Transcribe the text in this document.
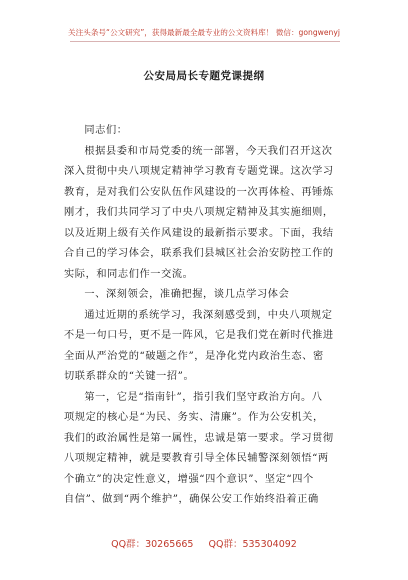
关注头条号“公文研究”，获得最新最全最专业的公文资料库！ 微信：gongwenyj
公安局局长专题党课提纲
同志们：
根据县委和市局党委的统一部署，今天我们召开这次
深入贯彻中央八项规定精神学习教育专题党课。这次学习
教育，是对我们公安队伍作风建设的一次再体检、再锤炼
刚才，我们共同学习了中央八项规定精神及其实施细则，
以及近期上级有关作风建设的最新指示要求。下面，我结
合自己的学习体会，联系我们县城区社会治安防控工作的
实际，和同志们作一交流。
一、深刻领会，准确把握，谈几点学习体会
通过近期的系统学习，我深刻感受到，中央八项规定
不是一句口号，更不是一阵风，它是我们党在新时代推进
全面从严治党的“破题之作”，是净化党内政治生态、密
切联系群众的“关键一招”。
第一，它是“指南针”，指引我们坚守政治方向。八
项规定的核心是“为民、务实、清廉”。作为公安机关，
我们的政治属性是第一属性，忠诚是第一要求。学习贯彻
八项规定精神，就是要教育引导全体民辅警深刻领悟“两
个确立”的决定性意义，增强“四个意识”、坚定“四个
自信”、做到“两个维护”，确保公安工作始终沿着正确
QQ群：30265665 QQ群：535304092
